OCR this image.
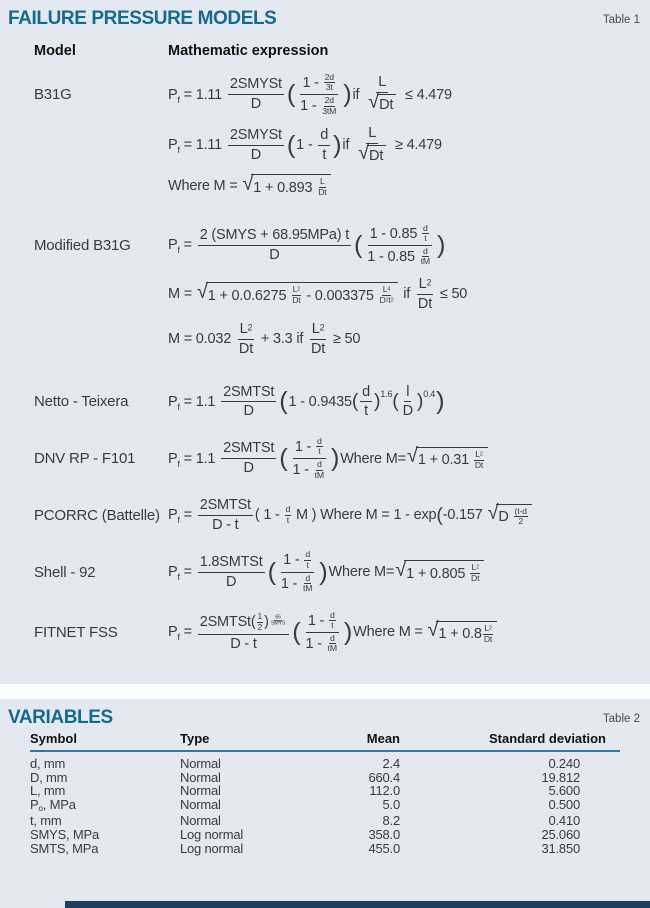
FAILURE PRESSURE MODELS	Table 1
Model	Mathematic expression
B31G	P $f = 1.11 \frac{\text{2SMYSt}}{D}$ ( $\frac{1 - \frac{2d}{3t}}{1 - \frac{2d}{3tM}}$ ) if $\frac{L}{√ Dt} \le 4.479$
P $f = 1.11 \frac{\text{2SMYSt}}{D}$ ( $1 - \frac{d}{t}$ ) if $\frac{L}{√ Dt} \ge 4.479$
Where M = √ $1 + 0.893 \frac{L}{Dt}$
Modified B31G	P $f = \frac{\text{2 (SMYS + 68.95MPa) t}}{D}$ ( $\frac{1 - 0.85 \frac{d}{t}}{1 - 0.85 \frac{d}{tM}}$ )
M = √ $1 + 0.0.6275 \frac{L2}{Dt} - 0.003375 \frac{L4}{D2t2}$ if $\frac{L2}{Dt} \le 50$
$M = 0.032 \frac{L2}{Dt} + 3.3$ if $\frac{L2}{Dt} \ge 50$
Netto - Teixera	P $f = 1.1 \frac{\text{2SMTSt}}{D}$ ( 1 - 0.9435 ( $\frac{d}{t}$ ) 1.6 ( $\frac{l}{D}$ ) 0.4 )
DNV RP - F101	P $f = 1.1 \frac{\text{2SMTSt}}{D}$ ( $\frac{1 - \frac{d}{t}}{1 - \frac{d}{tM}}$ ) Where M= √ $1 + 0.31 \frac{L2}{Dt}$
PCORRC (Battelle) P $f = \frac{\text{2SMTSt}}{D - t}$ ( $1 - \frac{d}{t}$ M ) Where M = 1 - exp ( -0.157 √ D $\frac{(t-d}{2}$
Shell - 92	P $f = \frac{\text{1.8SMTSt}}{D}$ ( $\frac{1 - \frac{d}{t}}{1 - \frac{d}{tM}}$ ) Where M= √ $1 + 0.805 \frac{L2}{Dt}$
FITNET FSS	P $f = \frac{2SMTSt( \frac{1}{2} ) \frac{65}{\text{SMYS}}}{D - t}$ ( $\frac{1 - \frac{d}{t}}{1 - \frac{d}{tM}}$ ) Where M = √ $1 + 0.8 \frac{L2}{Dt}$
VARIABLES	Table 2
Symbol	Type	Mean	Standard deviation
d, mm	Normal	2.4	0.240
D, mm	Normal	660.4	19.812
L, mm	Normal	112.0	5.600
Po, MPa	Normal	5.0	0.500
t, mm	Normal	8.2	0.410
SMYS, MPa	Log normal	358.0	25.060
SMTS, MPa	Log normal	455.0	31.850
